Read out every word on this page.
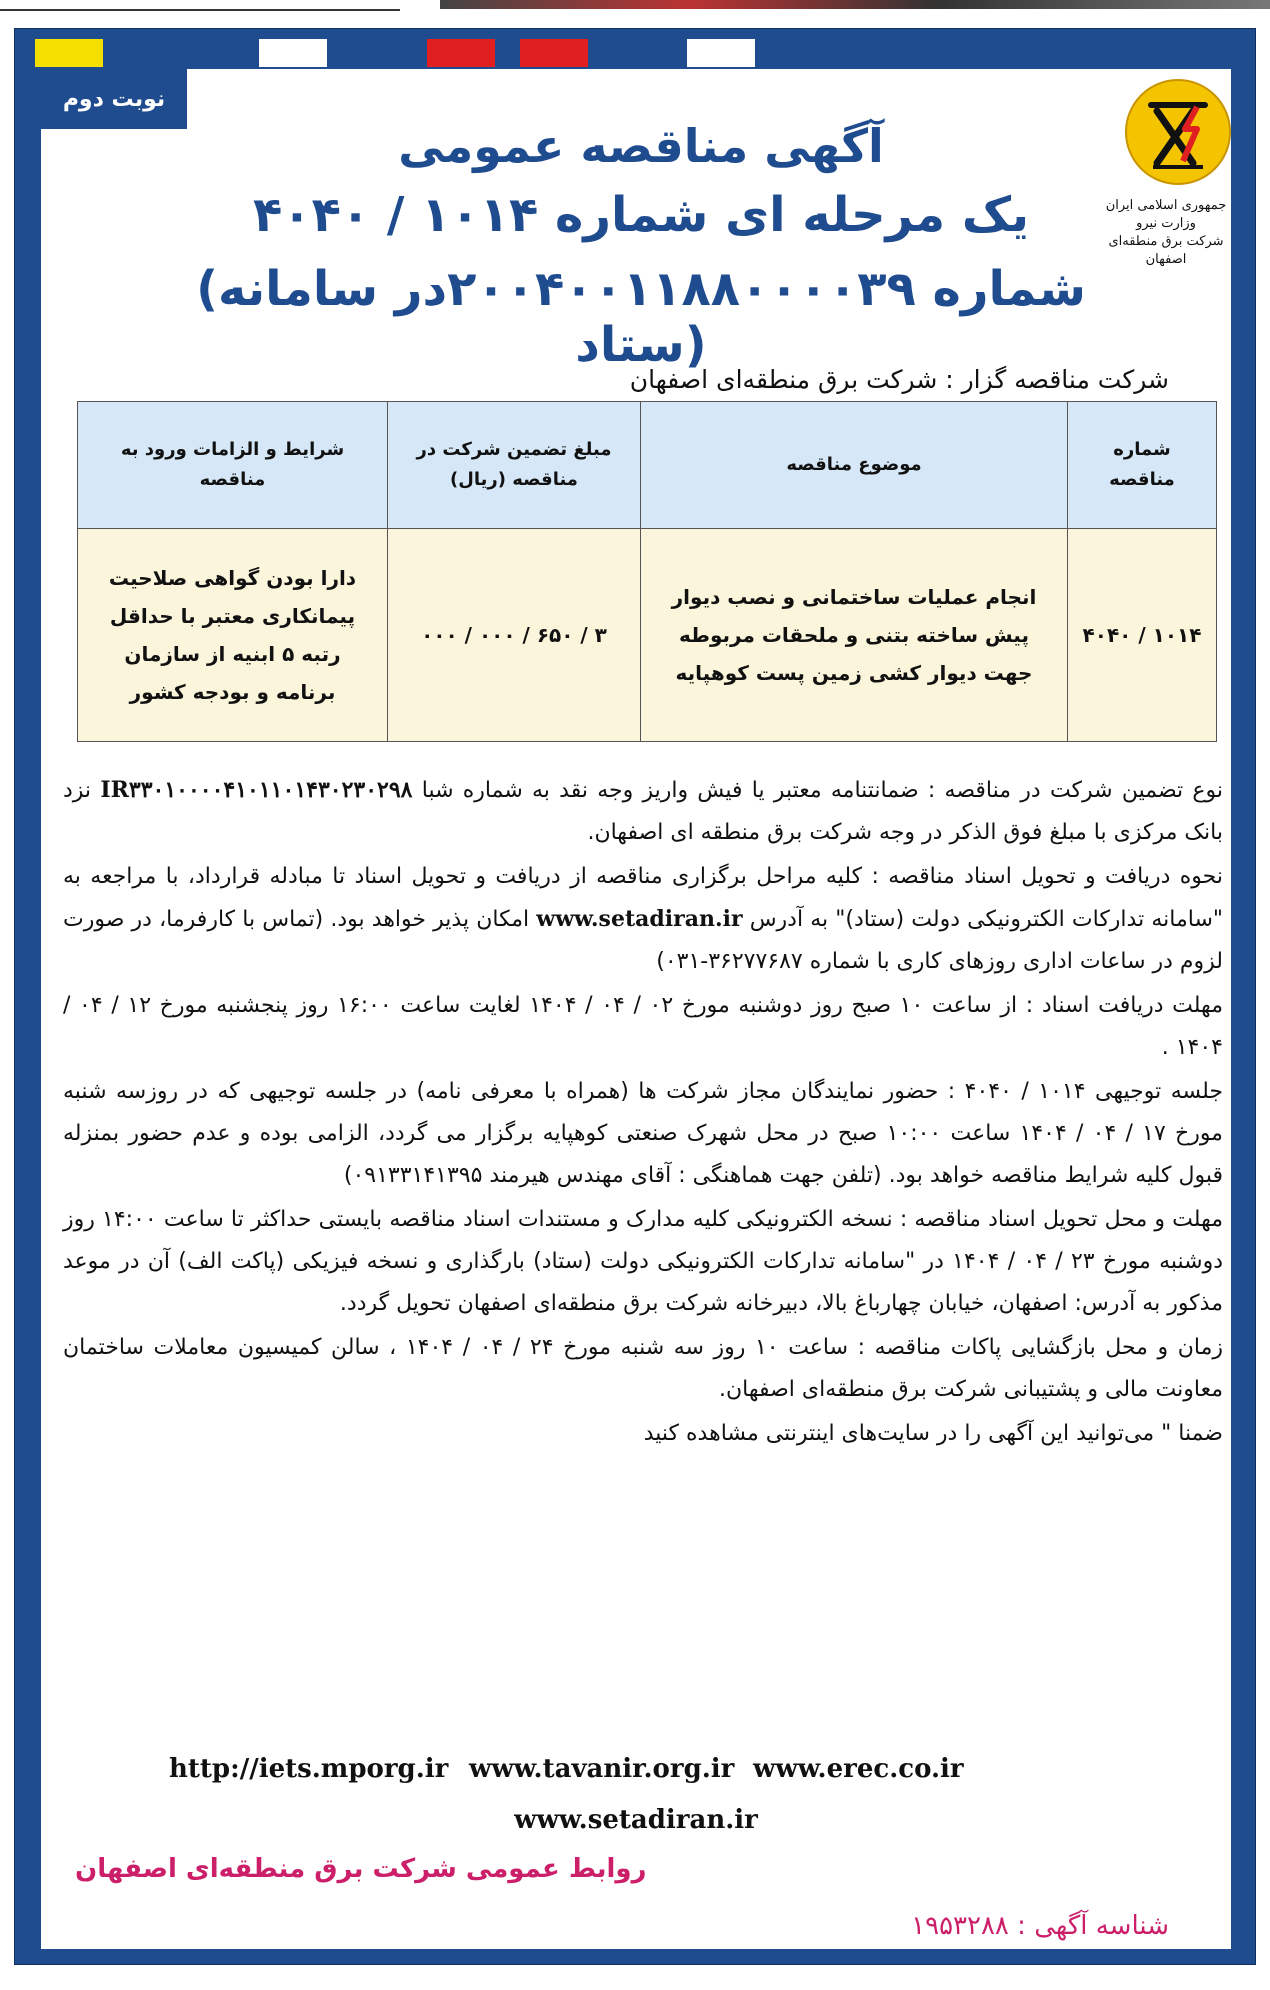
نوبت دوم
جمهوری اسلامی ایران
وزارت نیرو
شرکت برق منطقه‌ای اصفهان
آگهی مناقصه عمومی
یک مرحله ای شماره ۱۰۱۴ / ۴۰۴۰
(شماره ۲۰۰۴۰۰۱۱۸۸۰۰۰۰۳۹در سامانه ستاد)
شرکت مناقصه گزار : شرکت برق منطقه‌ای اصفهان
شماره مناقصه	موضوع مناقصه	مبلغ تضمین شرکت در مناقصه (ریال)	شرایط و الزامات ورود به مناقصه
۱۰۱۴ / ۴۰۴۰	انجام عملیات ساختمانی و نصب دیوار پیش ساخته بتنی و ملحقات مربوطه جهت دیوار کشی زمین پست کوهپایه	۳ / ۶۵۰ / ۰۰۰ / ۰۰۰	دارا بودن گواهی صلاحیت پیمانکاری معتبر با حداقل رتبه ۵ ابنیه از سازمان برنامه و بودجه کشور

نوع تضمین شرکت در مناقصه : ضمانتنامه معتبر یا فیش واریز وجه نقد به شماره شبا IR۳۳۰۱۰۰۰۰۴۱۰۱۱۰۱۴۳۰۲۳۰۲۹۸ نزد بانک مرکزی با مبلغ فوق الذکر در وجه شرکت برق منطقه ای اصفهان.

نحوه دریافت و تحویل اسناد مناقصه : کلیه مراحل برگزاری مناقصه از دریافت و تحویل اسناد تا مبادله قرارداد، با مراجعه به "سامانه تدارکات الکترونیکی دولت (ستاد)" به آدرس www.setadiran.ir امکان پذیر خواهد بود. (تماس با کارفرما، در صورت لزوم در ساعات اداری روزهای کاری با شماره ۳۶۲۷۷۶۸۷-۰۳۱)

مهلت دریافت اسناد : از ساعت ۱۰ صبح روز دوشنبه مورخ ۰۲ / ۰۴ / ۱۴۰۴ لغایت ساعت ۱۶:۰۰ روز پنجشنبه مورخ ۱۲ / ۰۴ / ۱۴۰۴ .

جلسه توجیهی ۱۰۱۴ / ۴۰۴۰ : حضور نمایندگان مجاز شرکت ها (همراه با معرفی نامه) در جلسه توجیهی که در روزسه شنبه مورخ ۱۷ / ۰۴ / ۱۴۰۴ ساعت ۱۰:۰۰ صبح در محل شهرک صنعتی کوهپایه برگزار می گردد، الزامی بوده و عدم حضور بمنزله قبول کلیه شرایط مناقصه خواهد بود. (تلفن جهت هماهنگی : آقای مهندس هیرمند ۰۹۱۳۳۱۴۱۳۹۵)

مهلت و محل تحویل اسناد مناقصه : نسخه الکترونیکی کلیه مدارک و مستندات اسناد مناقصه بایستی حداکثر تا ساعت ۱۴:۰۰ روز دوشنبه مورخ ۲۳ / ۰۴ / ۱۴۰۴ در "سامانه تدارکات الکترونیکی دولت (ستاد) بارگذاری و نسخه فیزیکی (پاکت الف) آن در موعد مذکور به آدرس: اصفهان، خیابان چهارباغ بالا، دبیرخانه شرکت برق منطقه‌ای اصفهان تحویل گردد.

زمان و محل بازگشایی پاکات مناقصه : ساعت ۱۰ روز سه شنبه مورخ ۲۴ / ۰۴ / ۱۴۰۴ ، سالن کمیسیون معاملات ساختمان معاونت مالی و پشتیبانی شرکت برق منطقه‌ای اصفهان.

ضمنا " می‌توانید این آگهی را در سایت‌های اینترنتی مشاهده کنید

http://iets.mporg.ir www.tavanir.org.ir www.erec.co.ir
www.setadiran.ir
روابط عمومی شرکت برق منطقه‌ای اصفهان
شناسه آگهی : ۱۹۵۳۲۸۸
